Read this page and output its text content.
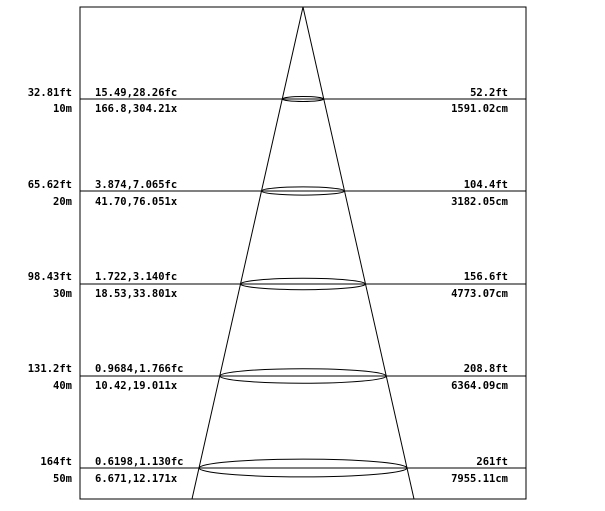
32.81ft
10m
15.49,28.26fc
166.8,304.21x
52.2ft
1591.02cm
65.62ft
20m
3.874,7.065fc
41.70,76.051x
104.4ft
3182.05cm
98.43ft
30m
1.722,3.140fc
18.53,33.801x
156.6ft
4773.07cm
131.2ft
40m
0.9684,1.766fc
10.42,19.011x
208.8ft
6364.09cm
164ft
50m
0.6198,1.130fc
6.671,12.171x
261ft
7955.11cm
